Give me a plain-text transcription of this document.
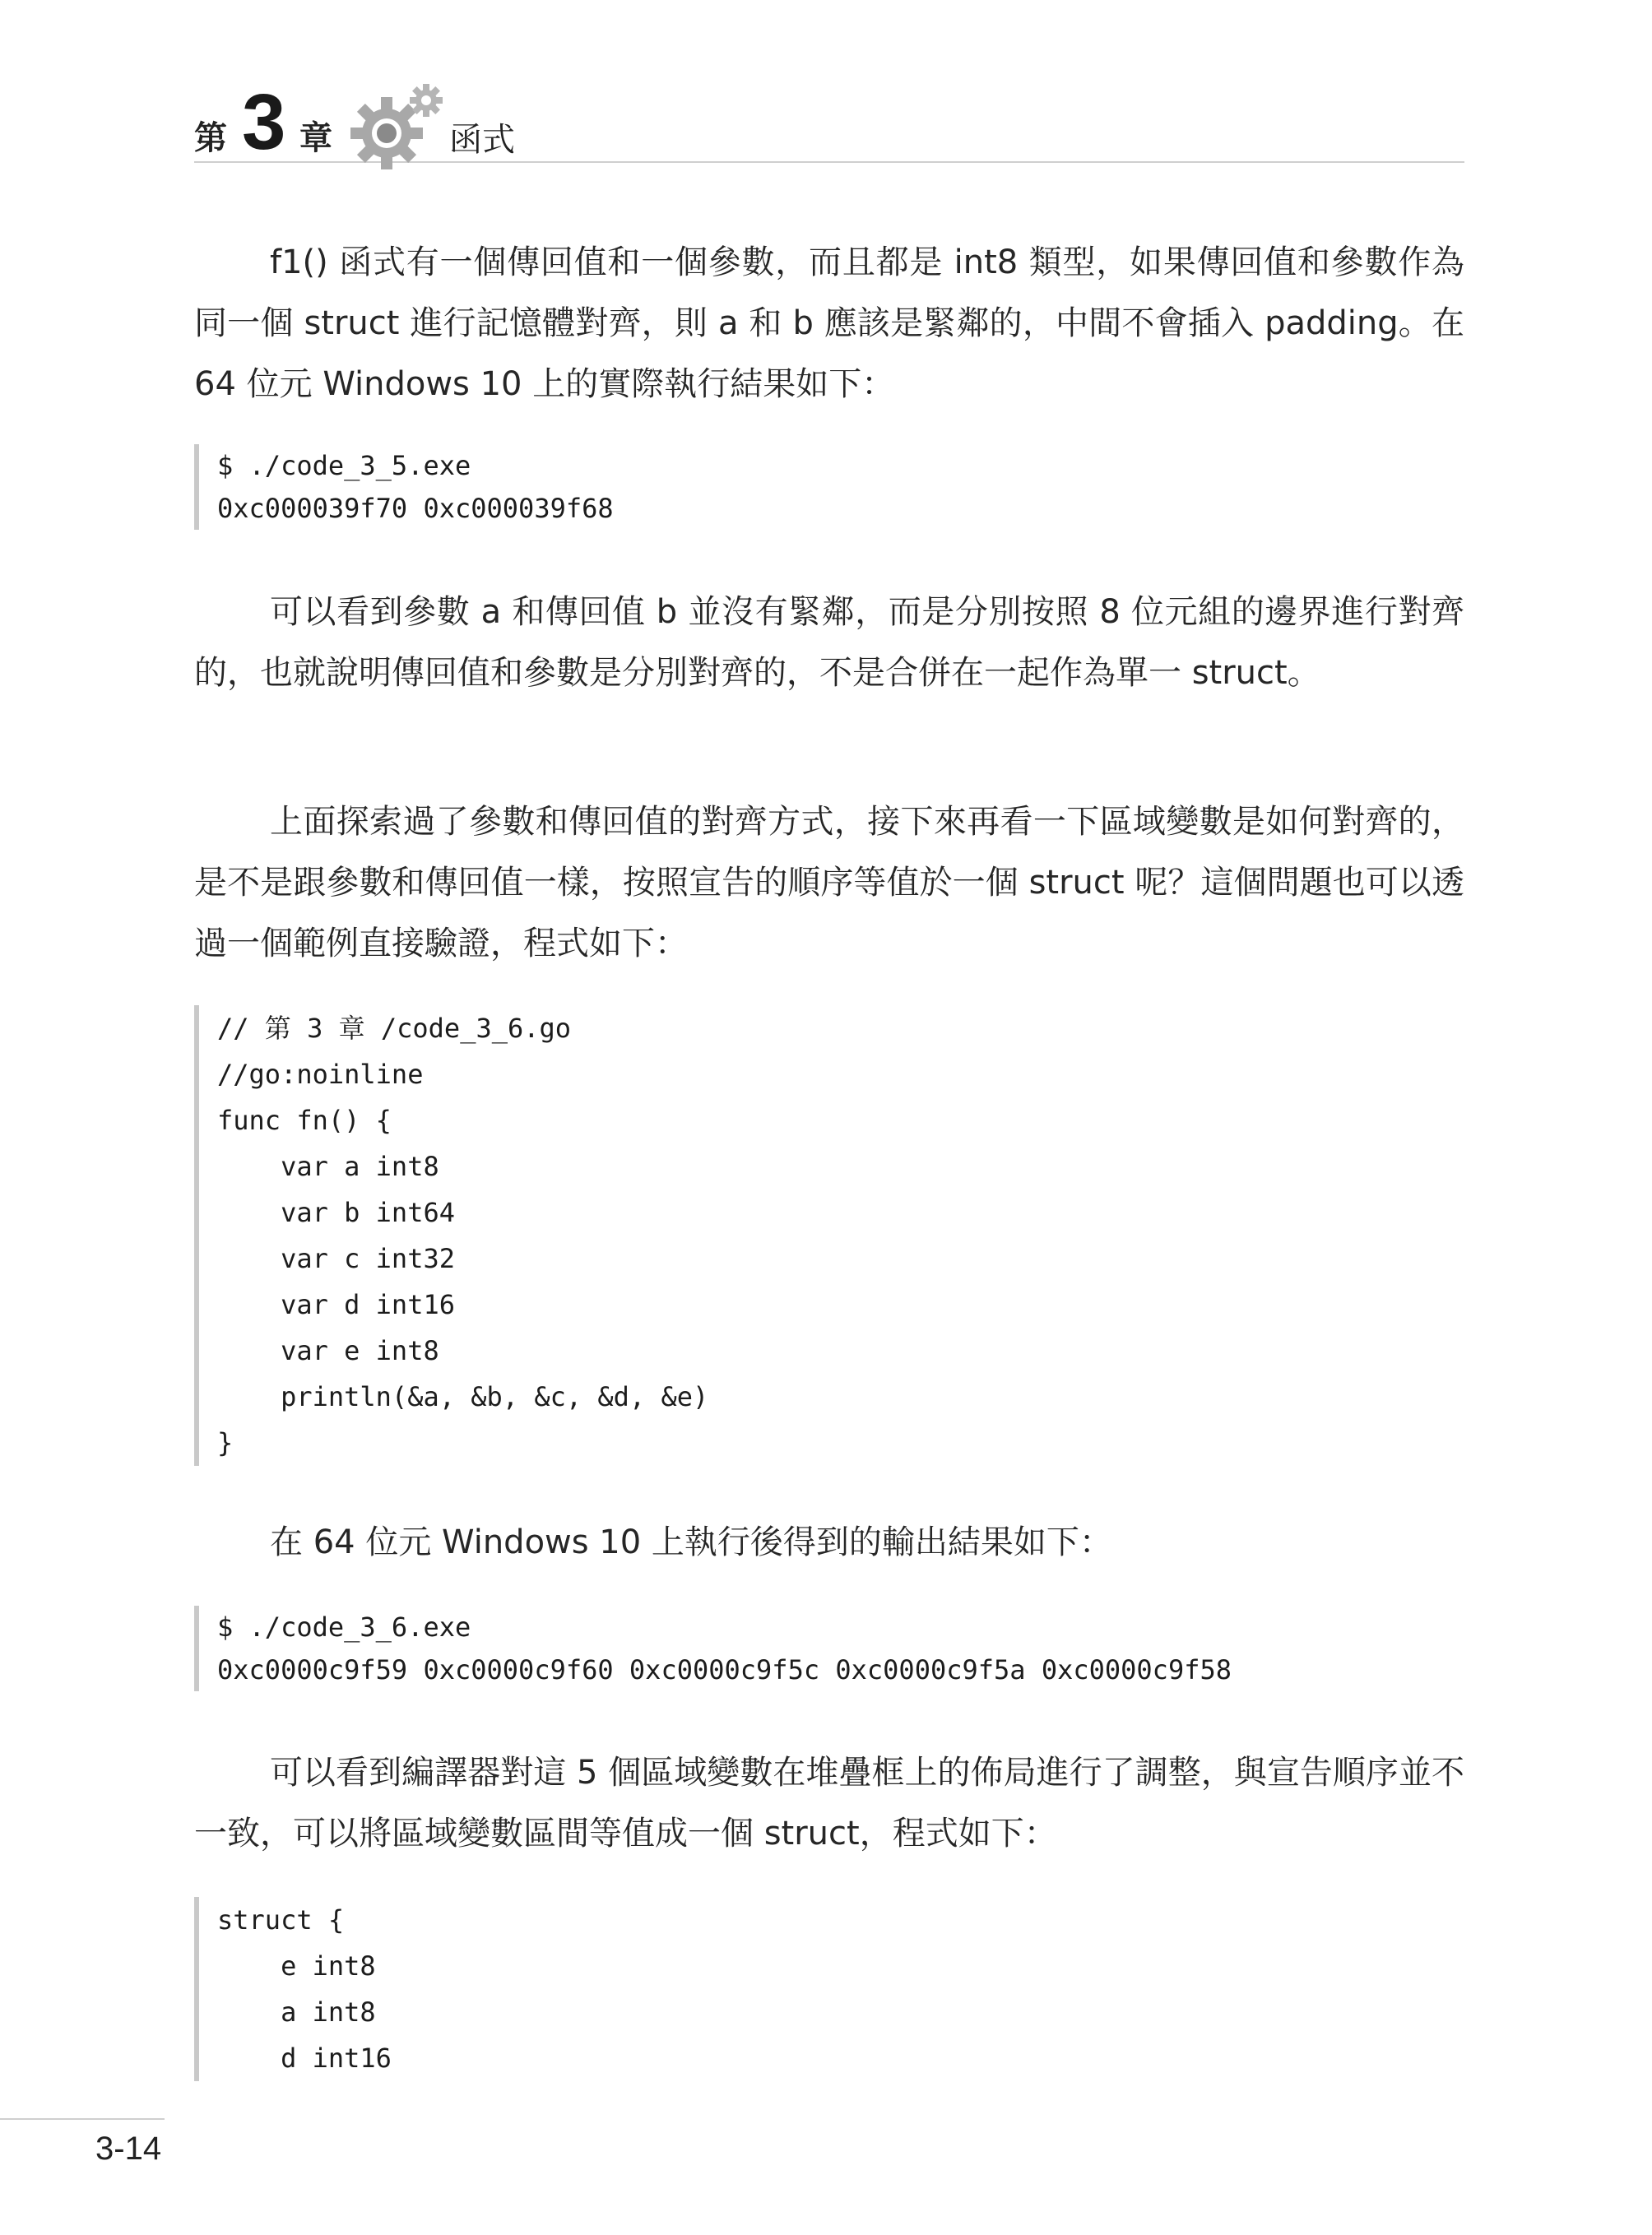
第 3 章	函式

f1() 函式有一個傳回值和一個參數，而且都是 int8 類型，如果傳回值和參數作為同一個 struct 進行記憶體對齊，則 a 和 b 應該是緊鄰的，中間不會插入 padding。在 64 位元 Windows 10 上的實際執行結果如下：

$ ./code_3_5.exe
0xc000039f70 0xc000039f68

可以看到參數 a 和傳回值 b 並沒有緊鄰，而是分別按照 8 位元組的邊界進行對齊的，也就說明傳回值和參數是分別對齊的，不是合併在一起作為單一 struct。

上面探索過了參數和傳回值的對齊方式，接下來再看一下區域變數是如何對齊的，是不是跟參數和傳回值一樣，按照宣告的順序等值於一個 struct 呢？這個問題也可以透過一個範例直接驗證，程式如下：

// 第 3 章 /code_3_6.go
//go:noinline
func fn() {
var a int8
var b int64
var c int32
var d int16
var e int8
println(&a, &b, &c, &d, &e)
}

在 64 位元 Windows 10 上執行後得到的輸出結果如下：

$ ./code_3_6.exe
0xc0000c9f59 0xc0000c9f60 0xc0000c9f5c 0xc0000c9f5a 0xc0000c9f58

可以看到編譯器對這 5 個區域變數在堆疊框上的佈局進行了調整，與宣告順序並不一致，可以將區域變數區間等值成一個 struct，程式如下：

struct {
e int8
a int8
d int16
3-14
